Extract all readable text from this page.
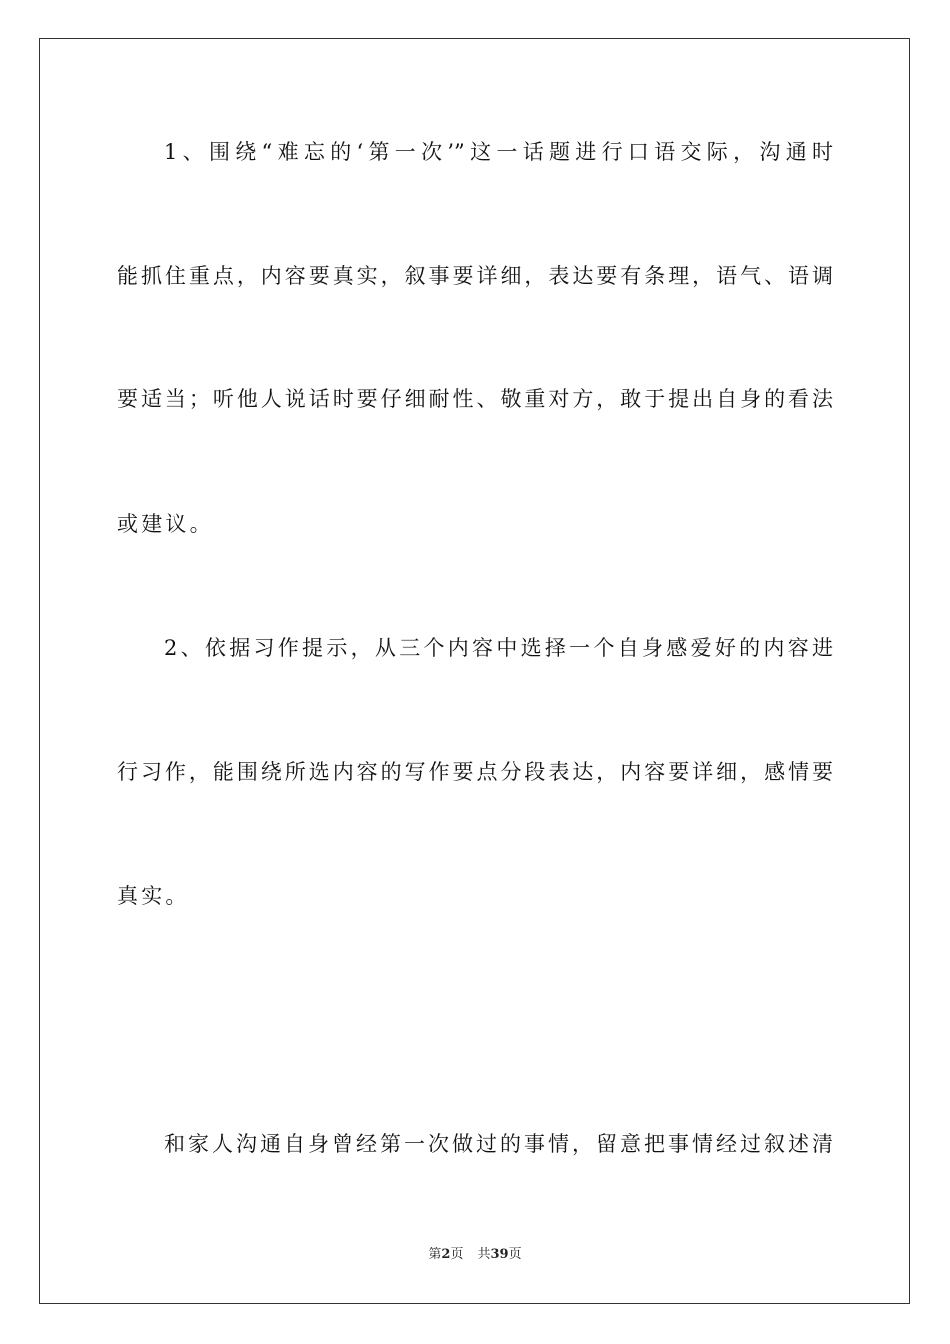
1、围绕“难忘的‘第一次’”这一话题进行口语交际，沟通时
能抓住重点，内容要真实，叙事要详细，表达要有条理，语气、语调
要适当；听他人说话时要仔细耐性、敬重对方，敢于提出自身的看法
或建议。
2、依据习作提示，从三个内容中选择一个自身感爱好的内容进
行习作，能围绕所选内容的写作要点分段表达，内容要详细，感情要
真实。
和家人沟通自身曾经第一次做过的事情，留意把事情经过叙述清
第2页 共39页
